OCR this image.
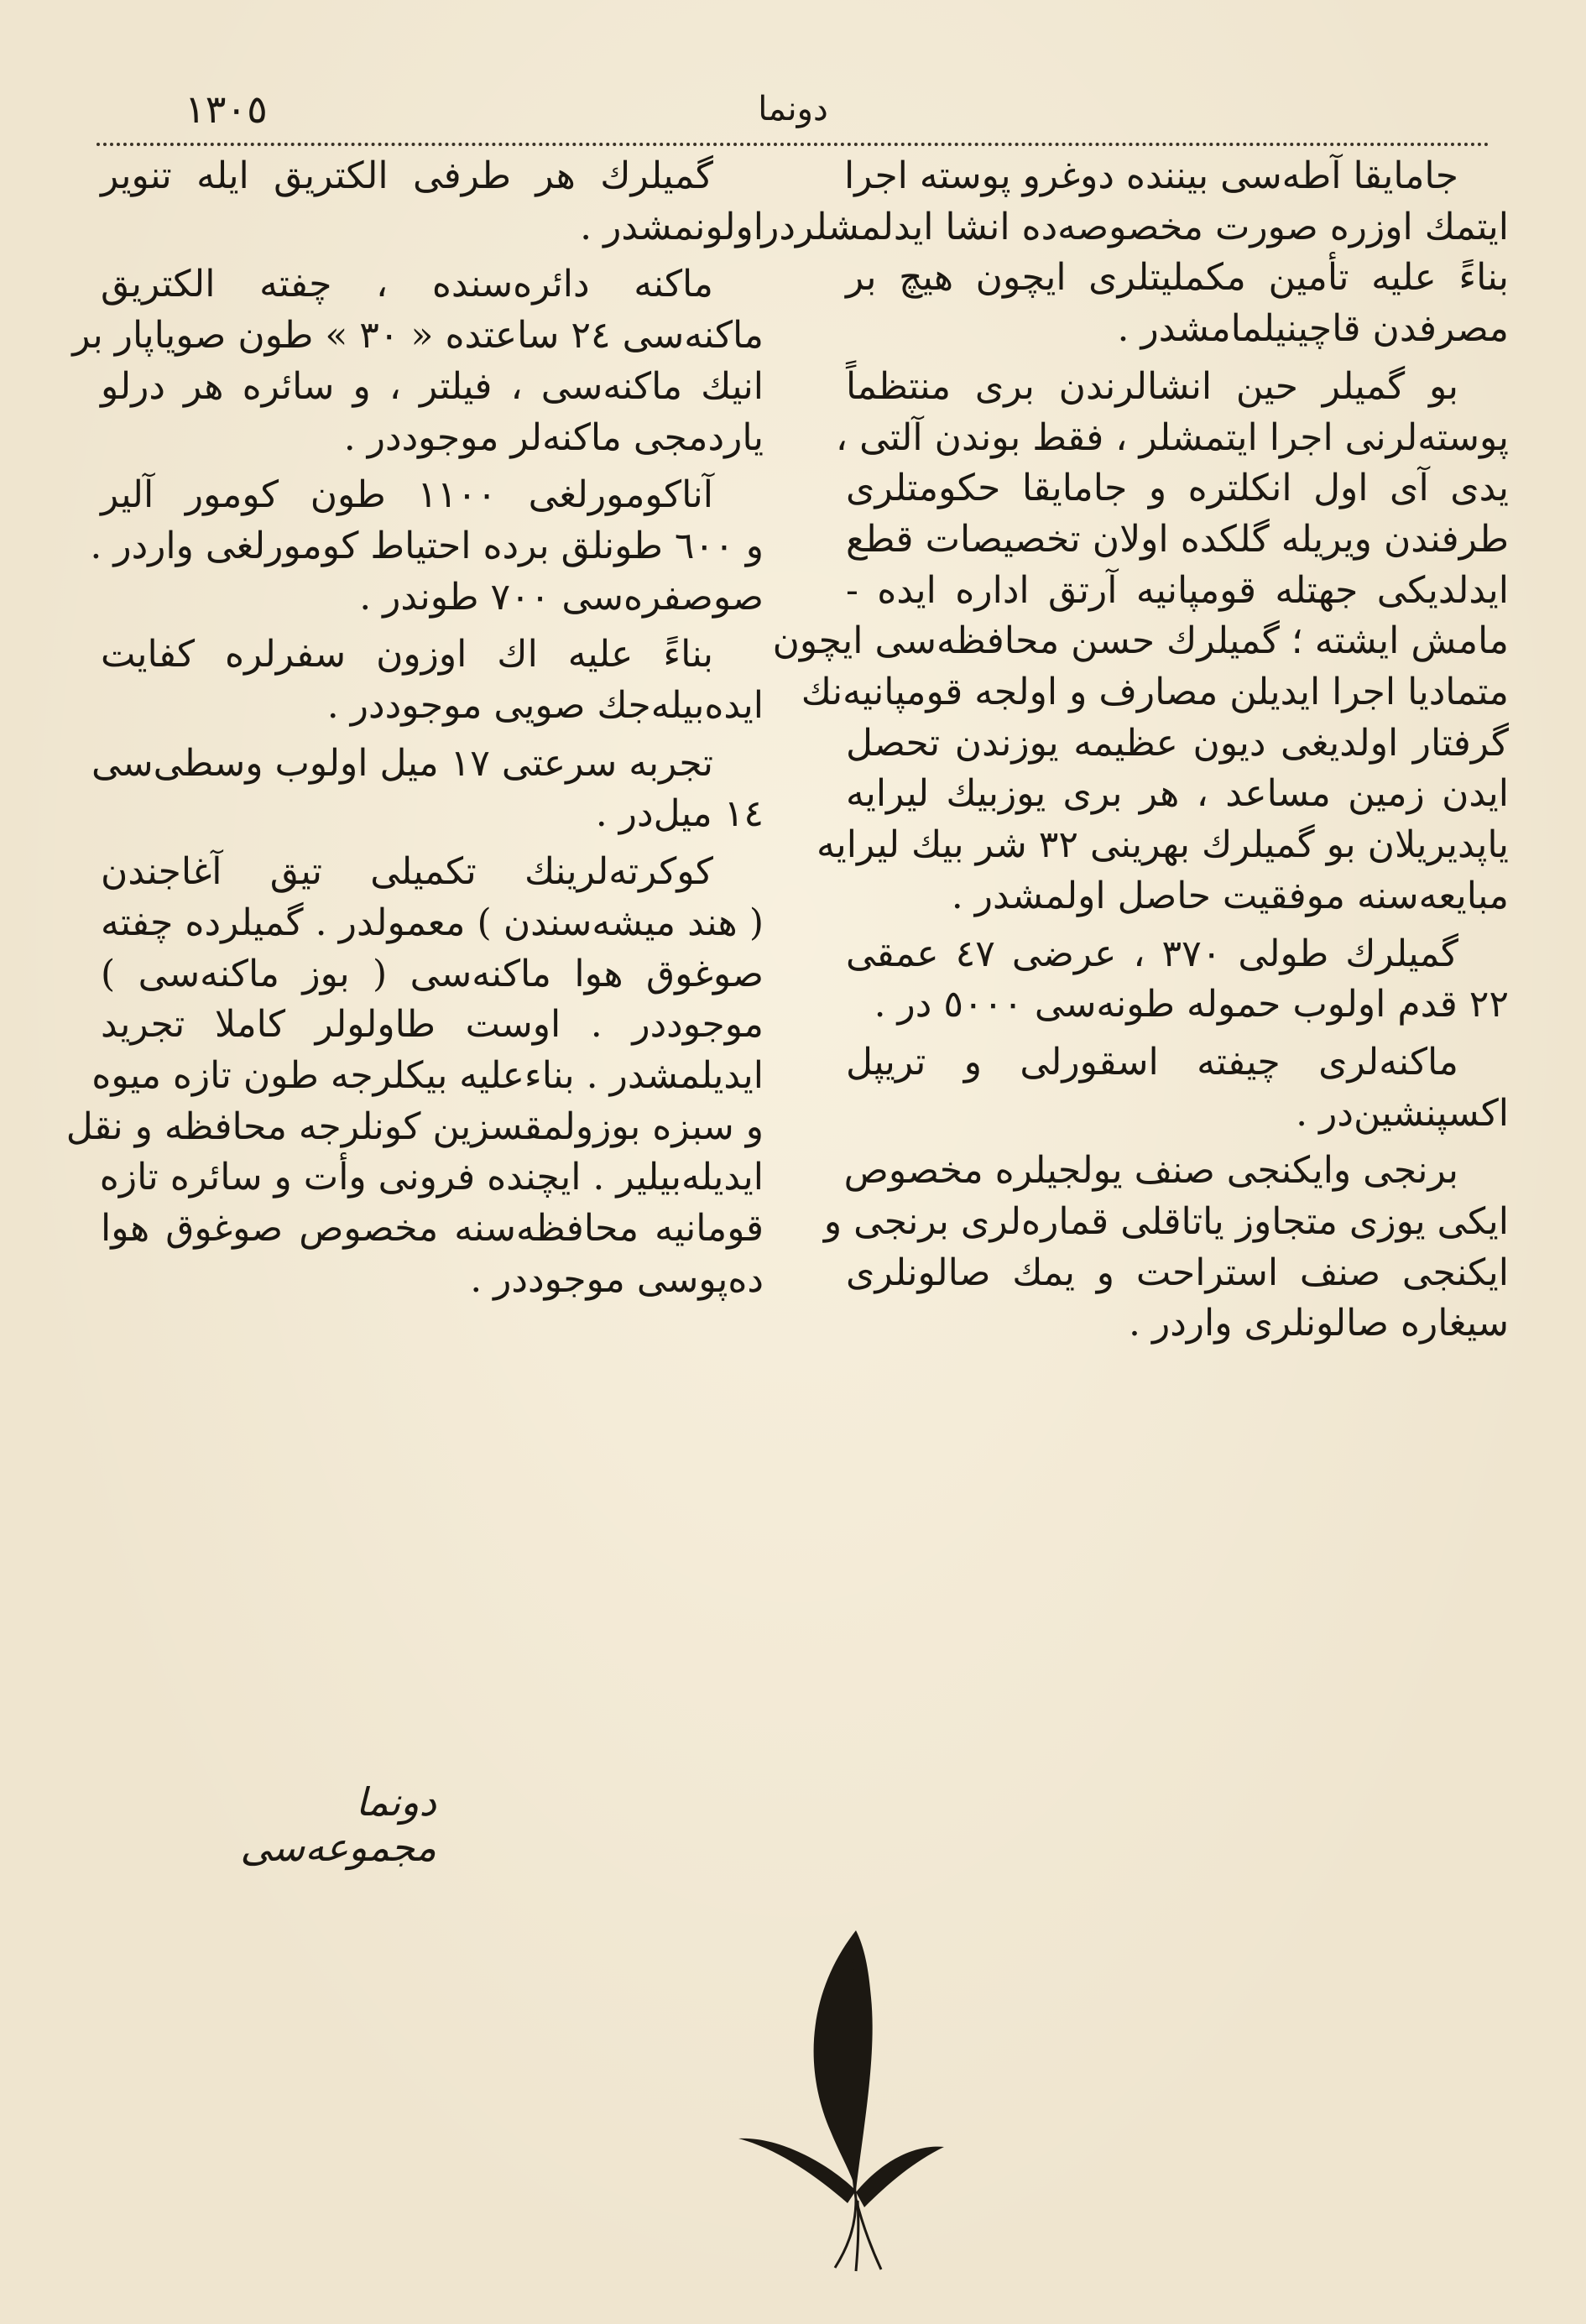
دونما
١٣٠٥

جامايقا آطه‌سی بيننده دوغرو پوسته اجرا
ايتمك اوزره صورت مخصوصه‌ده انشا ايدلمشلردر .
بناءً عليه تأمين مكمليتلری ايچون هيچ بر
مصرفدن قاچينيلمامشدر .

بو گميلر حين انشالرندن بری منتظماً
پوسته‌لرنی اجرا ايتمشلر ، فقط بوندن آلتی ،
يدی آی اول انكلتره و جامايقا حكومتلری
طرفندن ويريله گلكده اولان تخصيصات قطع
ايدلديكی جهتله قومپانيه آرتق اداره ايده -
مامش ايشته ؛ گميلرك حسن محافظه‌سی ايچون
متماديا اجرا ايديلن مصارف و اولجه قومپانيه‌نك
گرفتار اولديغی ديون عظيمه يوزندن تحصل
ايدن زمين مساعد ، هر بری يوزبيك ليرايه
ياپديريلان بو گميلرك بهرينی ٣٢ شر بيك ليرايه
مبايعه‌سنه موفقيت حاصل اولمشدر .

گميلرك طولی ٣٧٠ ، عرضی ٤٧ عمقی
٢٢ قدم اولوب حموله طونه‌سی ٥٠٠٠ در .

ماكنه‌لری چيفته اسقورلی و تريپل
اكسپنشين‌در .

برنجی وايكنجی صنف يولجيلره مخصوص
ايكی يوزی متجاوز ياتاقلی قماره‌لری برنجی و
ايكنجی صنف استراحت و يمك صالونلری
سيغاره صالونلری واردر .

گميلرك هر طرفی الكتريق ايله تنوير
اولونمشدر .

ماكنه دائره‌سنده ، چفته الكتريق
ماكنه‌سی ٢٤ ساعتده « ٣٠ » طون صوياپار بر
انيك ماكنه‌سی ، فيلتر ، و سائره هر درلو
ياردمجی ماكنه‌لر موجوددر .

آناكومورلغی ١١٠٠ طون كومور آلير
و ٦٠٠ طونلق برده احتياط كومورلغی واردر .
صوصفره‌سی ٧٠٠ طوندر .

بناءً عليه اك اوزون سفرلره كفايت
ايده‌بيله‌جك صويی موجوددر .

تجربه سرعتی ١٧ ميل اولوب وسطی‌سی
١٤ ميل‌در .

كوكرته‌لرينك تكميلی تيق آغاجندن
( هند ميشه‌سندن ) معمولدر . گميلرده چفته
صوغوق هوا ماكنه‌سی ( بوز ماكنه‌سی )
موجوددر . اوست طاولولر كاملا تجريد
ايديلمشدر . بناءعليه بيكلرجه طون تازه ميوه
و سبزه بوزولمقسزين كونلرجه محافظه و نقل
ايديله‌بيلير . ايچنده فرونی وأت و سائره تازه
قومانيه محافظه‌سنه مخصوص صوغوق هوا
ده‌پوسی موجوددر .

دونما مجموعه‌سی
